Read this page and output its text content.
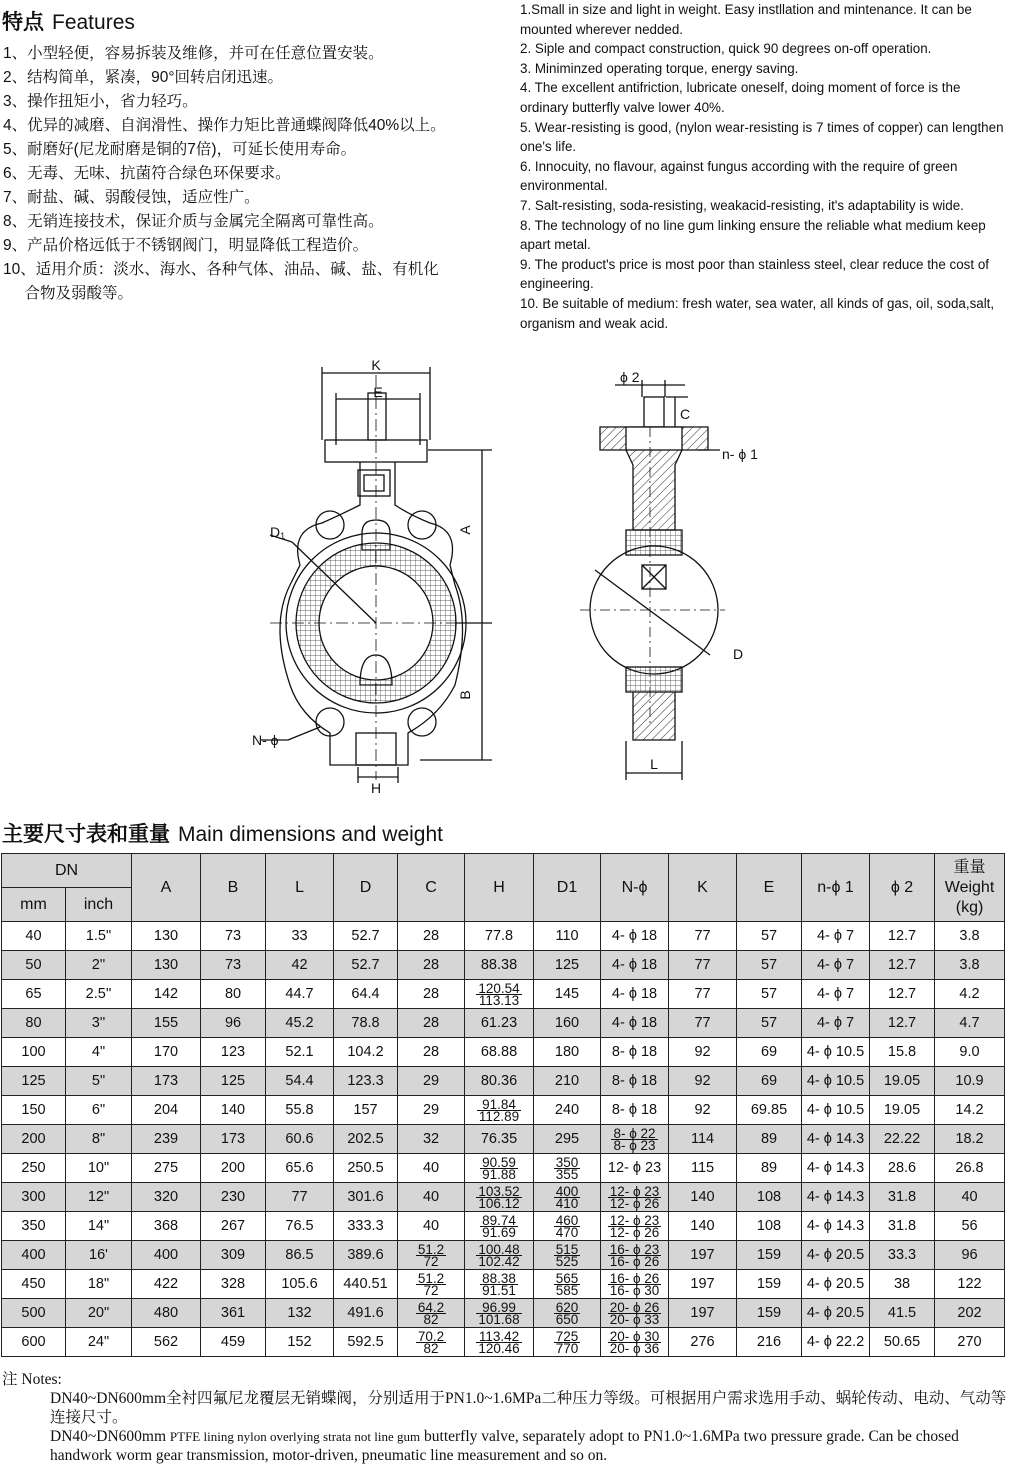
特点 Features
1、小型轻便，容易拆装及维修，并可在任意位置安装。
2、结构简单，紧凑，90°回转启闭迅速。
3、操作扭矩小，省力轻巧。
4、优异的减磨、自润滑性、操作力矩比普通蝶阀降低40%以上。
5、耐磨好(尼龙耐磨是铜的7倍)，可延长使用寿命。
6、无毒、无味、抗菌符合绿色环保要求。
7、耐盐、碱、弱酸侵蚀，适应性广。
8、无销连接技术，保证介质与金属完全隔离可靠性高。
9、产品价格远低于不锈钢阀门，明显降低工程造价。
10、适用介质：淡水、海水、各种气体、油品、碱、盐、有机化
合物及弱酸等。
1.Small in size and light in weight. Easy instllation and mintenance. It can be mounted wherever nedded.
2. Siple and compact construction, quick 90 degrees on-off operation.
3. Miniminzed operating torque, energy saving.
4. The excellent antifriction, lubricate oneself, doing moment of force is the ordinary butterfly valve lower 40%.
5. Wear-resisting is good, (nylon wear-resisting is 7 times of copper) can lengthen one's life.
6. Innocuity, no flavour, against fungus according with the require of green environmental.
7. Salt-resisting, soda-resisting, weakacid-resisting, it's adaptability is wide.
8. The technology of no line gum linking ensure the reliable what medium keep apart metal.
9. The product's price is most poor than stainless steel, clear reduce the cost of engineering.
10. Be suitable of medium: fresh water, sea water, all kinds of gas, oil, soda,salt, organism and weak acid.
K
E
D1
A
B
N- ϕ
H
ϕ 2
C
n- ϕ 1
D
L
主要尺寸表和重量 Main dimensions and weight
DN		A	B	L	D	C	H	D1	N-ϕ	K	E	n-ϕ 1	ϕ 2	重量
Weight
(kg)

mm	inch													
40	1.5"	130	73	33	52.7	28	77.8	110	4- ϕ 18	77	57	4- ϕ 7	12.7	3.8
50	2''	130	73	42	52.7	28	88.38	125	4- ϕ 18	77	57	4- ϕ 7	12.7	3.8
65	2.5''	142	80	44.7	64.4	28	$\frac{120.54}{113.13}$	145	4- ϕ 18	77	57	4- ϕ 7	12.7	4.2
80	3''	155	96	45.2	78.8	28	61.23	160	4- ϕ 18	77	57	4- ϕ 7	12.7	4.7
100	4"	170	123	52.1	104.2	28	68.88	180	8- ϕ 18	92	69	4- ϕ 10.5	15.8	9.0
125	5"	173	125	54.4	123.3	29	80.36	210	8- ϕ 18	92	69	4- ϕ 10.5	19.05	10.9
150	6"	204	140	55.8	157	29	$\frac{91.84}{112.89}$	240	8- ϕ 18	92	69.85	4- ϕ 10.5	19.05	14.2
200	8"	239	173	60.6	202.5	32	76.35	295	$\frac{8- \phi 22}{8- \phi 23}$	114	89	4- ϕ 14.3	22.22	18.2
250	10"	275	200	65.6	250.5	40	$\frac{90.59}{91.88}$	$\frac{350}{355}$	12- ϕ 23	115	89	4- ϕ 14.3	28.6	26.8
300	12"	320	230	77	301.6	40	$\frac{103.52}{106.12}$	$\frac{400}{410}$	$\frac{12- \phi 23}{12- \phi 26}$	140	108	4- ϕ 14.3	31.8	40
350	14"	368	267	76.5	333.3	40	$\frac{89.74}{91.69}$	$\frac{460}{470}$	$\frac{12- \phi 23}{12- \phi 26}$	140	108	4- ϕ 14.3	31.8	56
400	16'	400	309	86.5	389.6	$\frac{51.2}{72}$	$\frac{100.48}{102.42}$	$\frac{515}{525}$	$\frac{16- \phi 23}{16- \phi 26}$	197	159	4- ϕ 20.5	33.3	96
450	18"	422	328	105.6	440.51	$\frac{51.2}{72}$	$\frac{88.38}{91.51}$	$\frac{565}{585}$	$\frac{16- \phi 26}{16- \phi 30}$	197	159	4- ϕ 20.5	38	122
500	20"	480	361	132	491.6	$\frac{64.2}{82}$	$\frac{96.99}{101.68}$	$\frac{620}{650}$	$\frac{20- \phi 26}{20- \phi 33}$	197	159	4- ϕ 20.5	41.5	202
600	24"	562	459	152	592.5	$\frac{70.2}{82}$	$\frac{113.42}{120.46}$	$\frac{725}{770}$	$\frac{20- \phi 30}{20- \phi 36}$	276	216	4- ϕ 22.2	50.65	270
注 Notes:
DN40~DN600mm全衬四氟尼龙覆层无销蝶阀，分别适用于PN1.0~1.6MPa二种压力等级。可根据用户需求选用手动、蜗轮传动、电动、气动等连接尺寸。
DN40~DN600mm PTFE lining nylon overlying strata not line gum butterfly valve, separately adopt to PN1.0~1.6MPa two pressure grade. Can be chosed handwork worm gear transmission, motor-driven, pneumatic line measurement and so on.
